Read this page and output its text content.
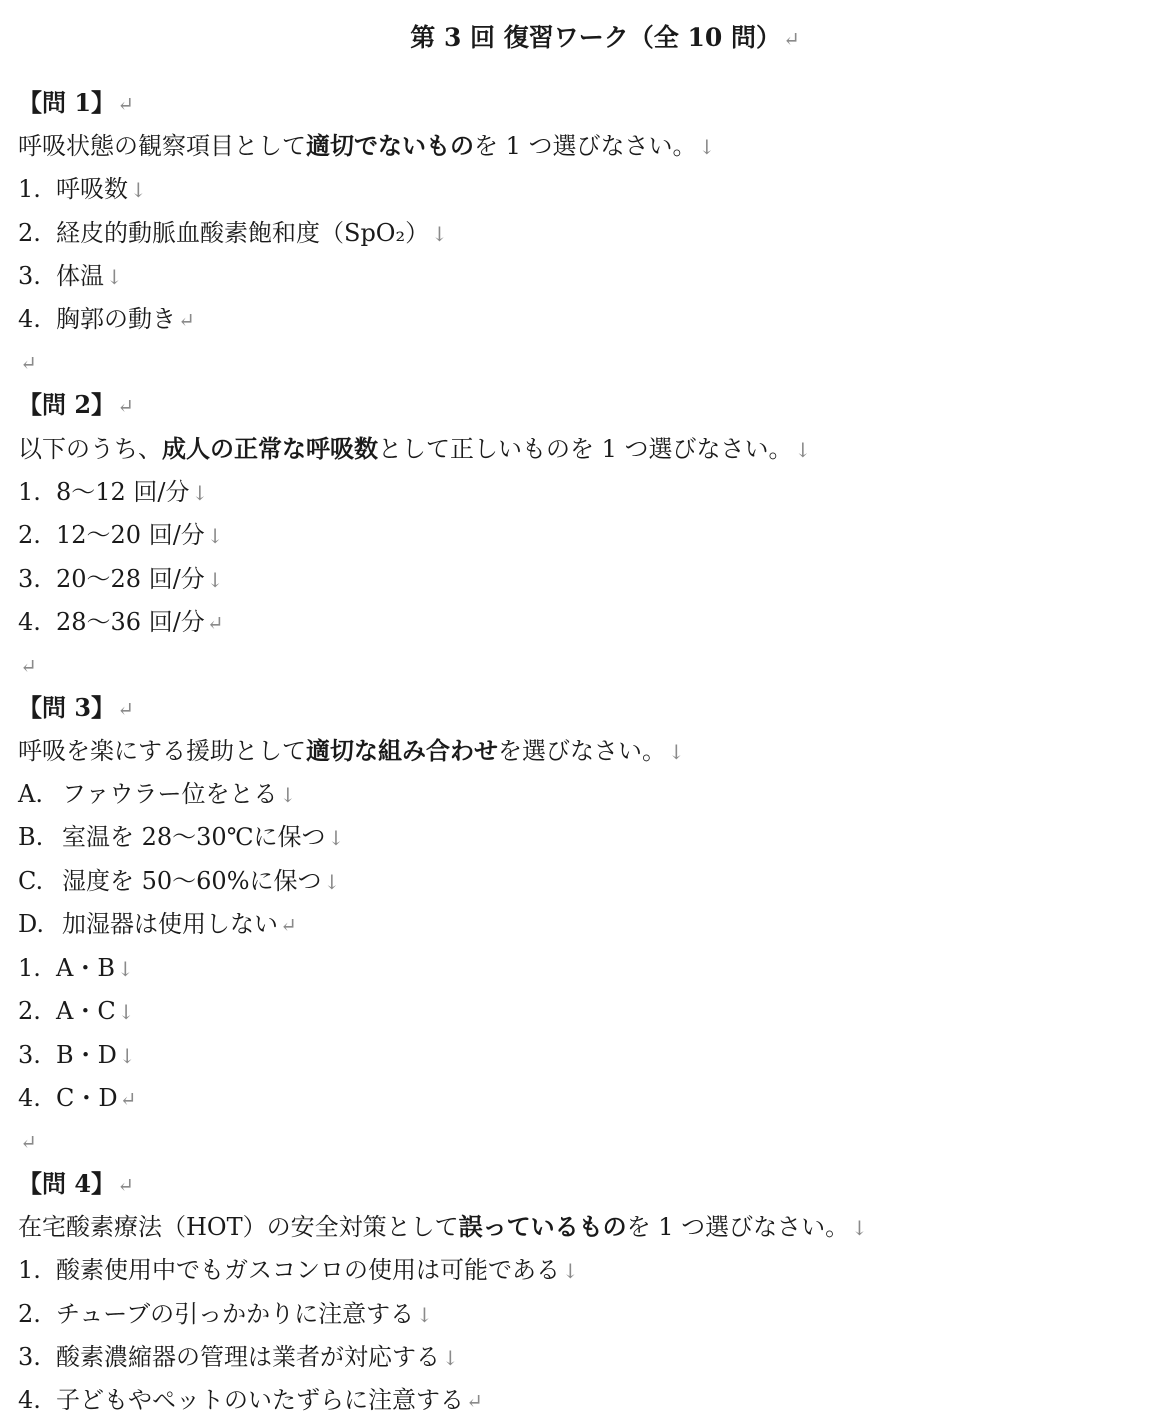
第 3 回 復習ワーク（全 10 問） ↵
【問 1】 ↵
呼吸状態の観察項目として適切でないものを 1 つ選びなさい。 ↓
1. 呼吸数 ↓
2. 経皮的動脈血酸素飽和度（SpO₂） ↓
3. 体温 ↓
4. 胸郭の動き ↵
↵
【問 2】 ↵
以下のうち、成人の正常な呼吸数として正しいものを 1 つ選びなさい。 ↓
1. 8〜12 回/分 ↓
2. 12〜20 回/分 ↓
3. 20〜28 回/分 ↓
4. 28〜36 回/分 ↵
↵
【問 3】 ↵
呼吸を楽にする援助として適切な組み合わせを選びなさい。 ↓
A. ファウラー位をとる ↓
B. 室温を 28〜30℃に保つ ↓
C. 湿度を 50〜60%に保つ ↓
D. 加湿器は使用しない ↵
1. A・B ↓
2. A・C ↓
3. B・D ↓
4. C・D ↵
↵
【問 4】 ↵
在宅酸素療法（HOT）の安全対策として誤っているものを 1 つ選びなさい。 ↓
1. 酸素使用中でもガスコンロの使用は可能である ↓
2. チューブの引っかかりに注意する ↓
3. 酸素濃縮器の管理は業者が対応する ↓
4. 子どもやペットのいたずらに注意する ↵
